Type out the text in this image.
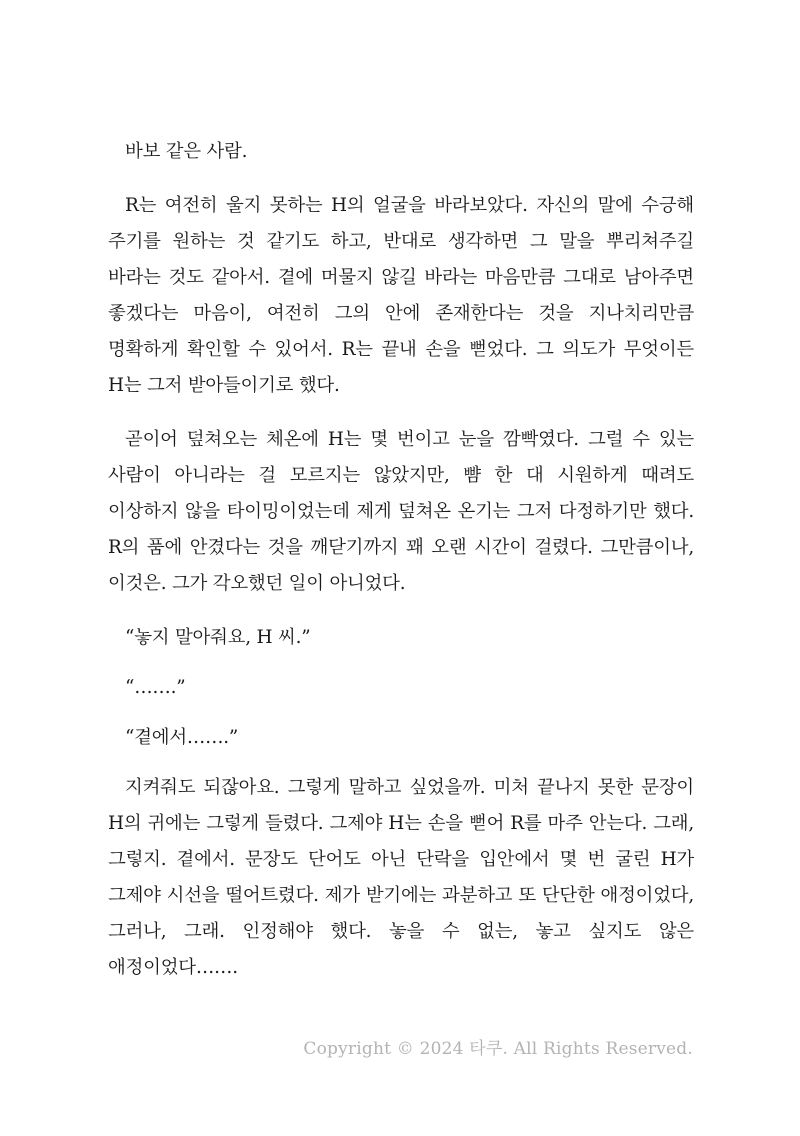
바보 같은 사람.

R는 여전히 울지 못하는 H의 얼굴을 바라보았다. 자신의 말에 수긍해 주기를 원하는 것 같기도 하고, 반대로 생각하면 그 말을 뿌리쳐주길 바라는 것도 같아서. 곁에 머물지 않길 바라는 마음만큼 그대로 남아주면 좋겠다는 마음이, 여전히 그의 안에 존재한다는 것을 지나치리만큼 명확하게 확인할 수 있어서. R는 끝내 손을 뻗었다. 그 의도가 무엇이든 H는 그저 받아들이기로 했다.

곧이어 덮쳐오는 체온에 H는 몇 번이고 눈을 깜빡였다. 그럴 수 있는 사람이 아니라는 걸 모르지는 않았지만, 뺨 한 대 시원하게 때려도 이상하지 않을 타이밍이었는데 제게 덮쳐온 온기는 그저 다정하기만 했다. R의 품에 안겼다는 것을 깨닫기까지 꽤 오랜 시간이 걸렸다. 그만큼이나, 이것은. 그가 각오했던 일이 아니었다.

“놓지 말아줘요, H 씨.”

“…….”

“곁에서…….”

지켜줘도 되잖아요. 그렇게 말하고 싶었을까. 미처 끝나지 못한 문장이 H의 귀에는 그렇게 들렸다. 그제야 H는 손을 뻗어 R를 마주 안는다. 그래, 그렇지. 곁에서. 문장도 단어도 아닌 단락을 입안에서 몇 번 굴린 H가 그제야 시선을 떨어트렸다. 제가 받기에는 과분하고 또 단단한 애정이었다, 그러나, 그래. 인정해야 했다. 놓을 수 없는, 놓고 싶지도 않은 애정이었다…….

Copyright © 2024 타쿠. All Rights Reserved.
